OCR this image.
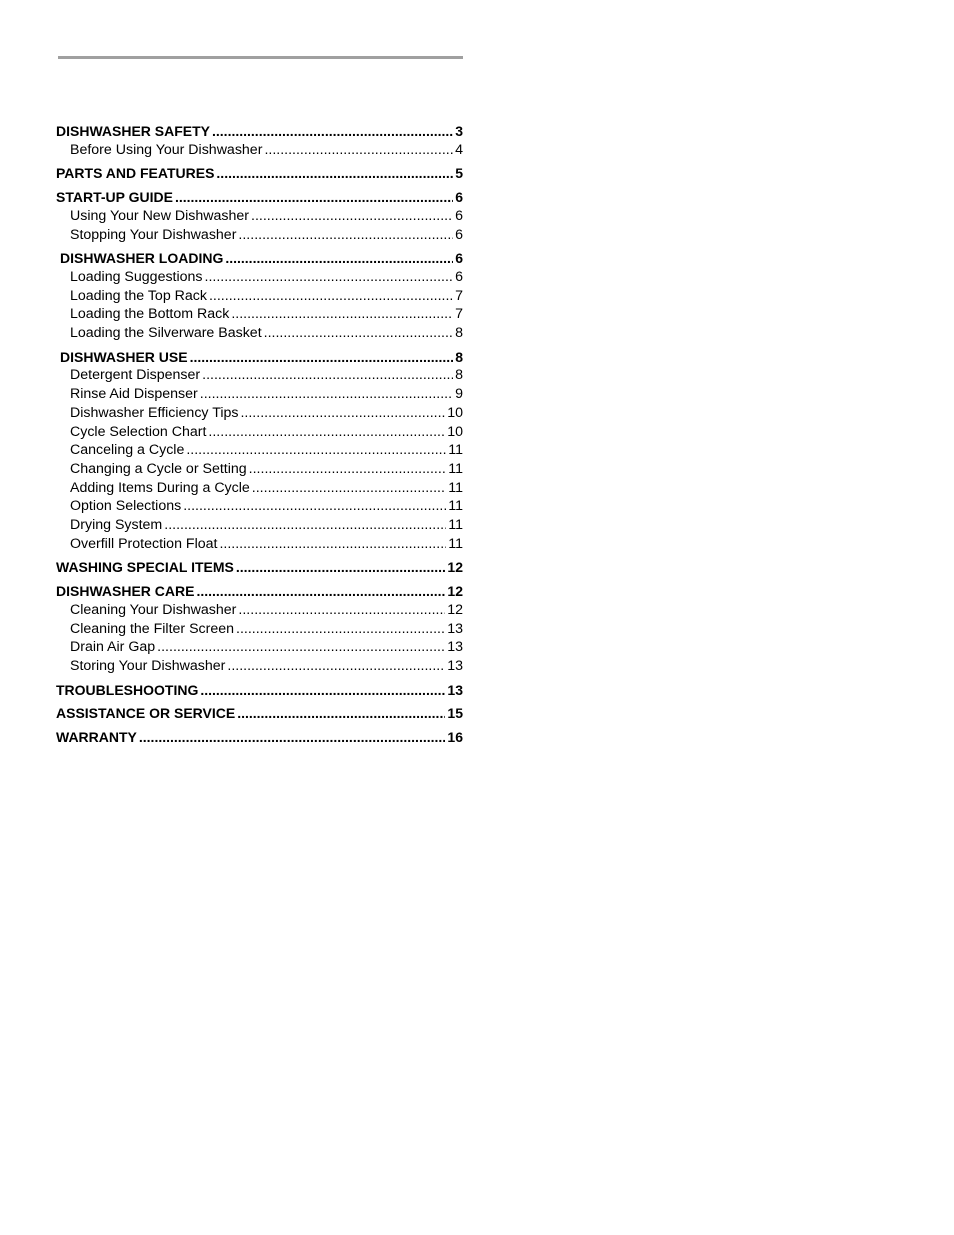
DISHWASHER SAFETY .....	3
Before Using Your Dishwasher .....	4
PARTS AND FEATURES .....	5
START-UP GUIDE .....	6
Using Your New Dishwasher .....	6
Stopping Your Dishwasher .....	6
DISHWASHER LOADING .....	6
Loading Suggestions .....	6
Loading the Top Rack .....	7
Loading the Bottom Rack .....	7
Loading the Silverware Basket .....	8
DISHWASHER USE .....	8
Detergent Dispenser .....	8
Rinse Aid Dispenser .....	9
Dishwasher Efficiency Tips .....	10
Cycle Selection Chart .....	10
Canceling a Cycle .....	11
Changing a Cycle or Setting .....	11
Adding Items During a Cycle .....	11
Option Selections .....	11
Drying System .....	11
Overfill Protection Float .....	11
WASHING SPECIAL ITEMS .....	12
DISHWASHER CARE .....	12
Cleaning Your Dishwasher .....	12
Cleaning the Filter Screen .....	13
Drain Air Gap .....	13
Storing Your Dishwasher .....	13
TROUBLESHOOTING .....	13
ASSISTANCE OR SERVICE .....	15
WARRANTY .....	16
